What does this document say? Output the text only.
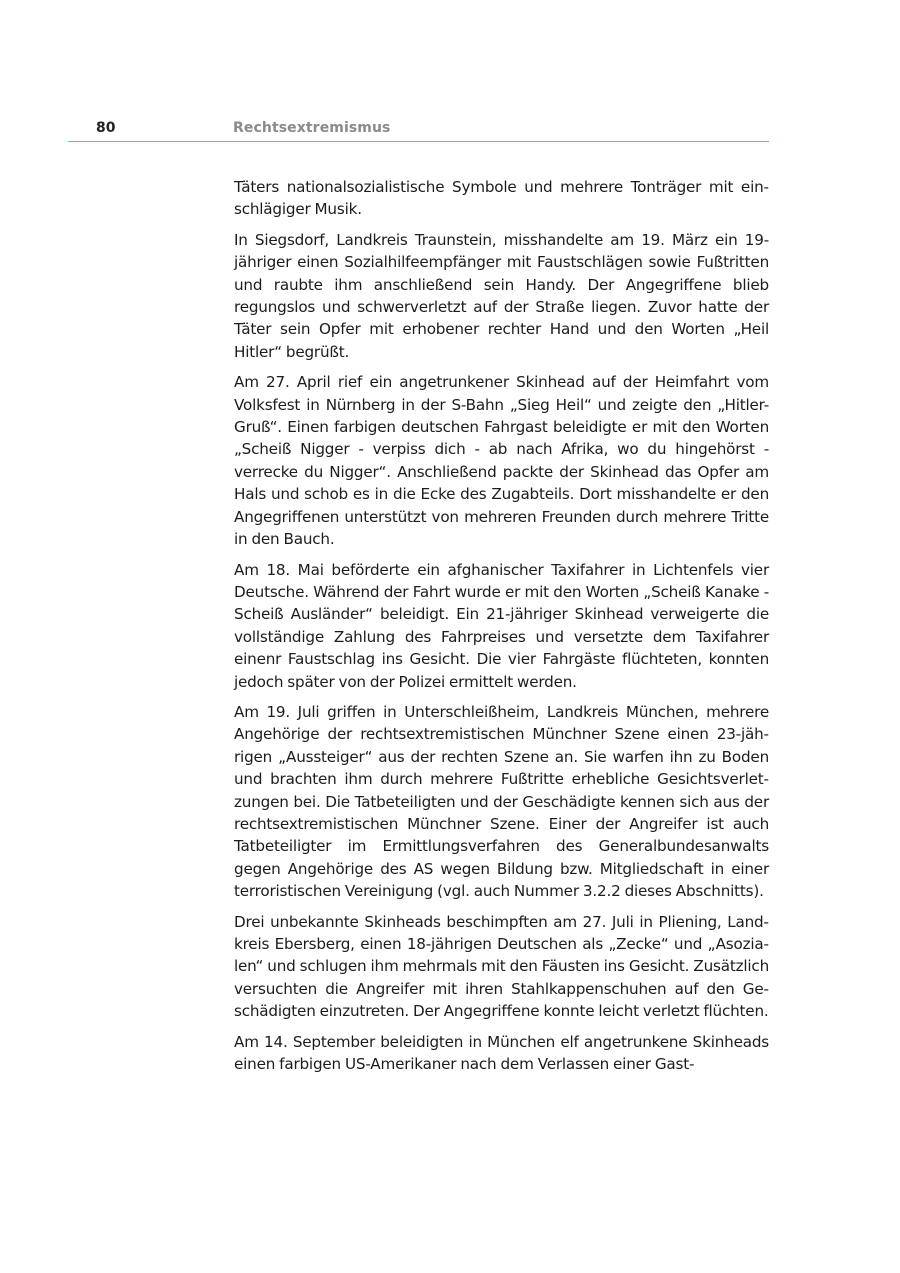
80	Rechtsextremismus

Täters nationalsozialistische Symbole und mehrere Tonträger mit einschlägiger Musik.

In Siegsdorf, Landkreis Traunstein, misshandelte am 19. März ein 19-jähriger einen Sozialhilfeempfänger mit Faustschlägen sowie Fußtritten und raubte ihm anschließend sein Handy. Der Angegriffene blieb regungslos und schwerverletzt auf der Straße liegen. Zuvor hatte der Täter sein Opfer mit erhobener rechter Hand und den Worten „Heil Hitler“ begrüßt.

Am 27. April rief ein angetrunkener Skinhead auf der Heimfahrt vom Volksfest in Nürnberg in der S-Bahn „Sieg Heil“ und zeigte den „Hitler-Gruß“. Einen farbigen deutschen Fahrgast beleidigte er mit den Worten „Scheiß Nigger - verpiss dich - ab nach Afrika, wo du hingehörst - verrecke du Nigger“. Anschließend packte der Skinhead das Opfer am Hals und schob es in die Ecke des Zugabteils. Dort misshandelte er den Angegriffenen unterstützt von mehreren Freunden durch mehrere Tritte in den Bauch.

Am 18. Mai beförderte ein afghanischer Taxifahrer in Lichtenfels vier Deutsche. Während der Fahrt wurde er mit den Worten „Scheiß Kanake - Scheiß Ausländer“ beleidigt. Ein 21-jähriger Skinhead verweigerte die vollständige Zahlung des Fahrpreises und versetzte dem Taxifahrer einenr Faustschlag ins Gesicht. Die vier Fahrgäste flüchteten, konnten jedoch später von der Polizei ermittelt werden.

Am 19. Juli griffen in Unterschleißheim, Landkreis München, mehrere Angehörige der rechtsextremistischen Münchner Szene einen 23-jährigen „Aussteiger“ aus der rechten Szene an. Sie warfen ihn zu Boden und brachten ihm durch mehrere Fußtritte erhebliche Gesichtsverletzungen bei. Die Tatbeteiligten und der Geschädigte kennen sich aus der rechtsextremistischen Münchner Szene. Einer der Angreifer ist auch Tatbeteiligter im Ermittlungsverfahren des Generalbundesanwalts gegen Angehörige des AS wegen Bildung bzw. Mitgliedschaft in einer terroristischen Vereinigung (vgl. auch Nummer 3.2.2 dieses Abschnitts).

Drei unbekannte Skinheads beschimpften am 27. Juli in Pliening, Landkreis Ebersberg, einen 18-jährigen Deutschen als „Zecke“ und „Asozialen“ und schlugen ihm mehrmals mit den Fäusten ins Gesicht. Zusätzlich versuchten die Angreifer mit ihren Stahlkappenschuhen auf den Geschädigten einzutreten. Der Angegriffene konnte leicht verletzt flüchten.

Am 14. September beleidigten in München elf angetrunkene Skinheads einen farbigen US-Amerikaner nach dem Verlassen einer Gast-
